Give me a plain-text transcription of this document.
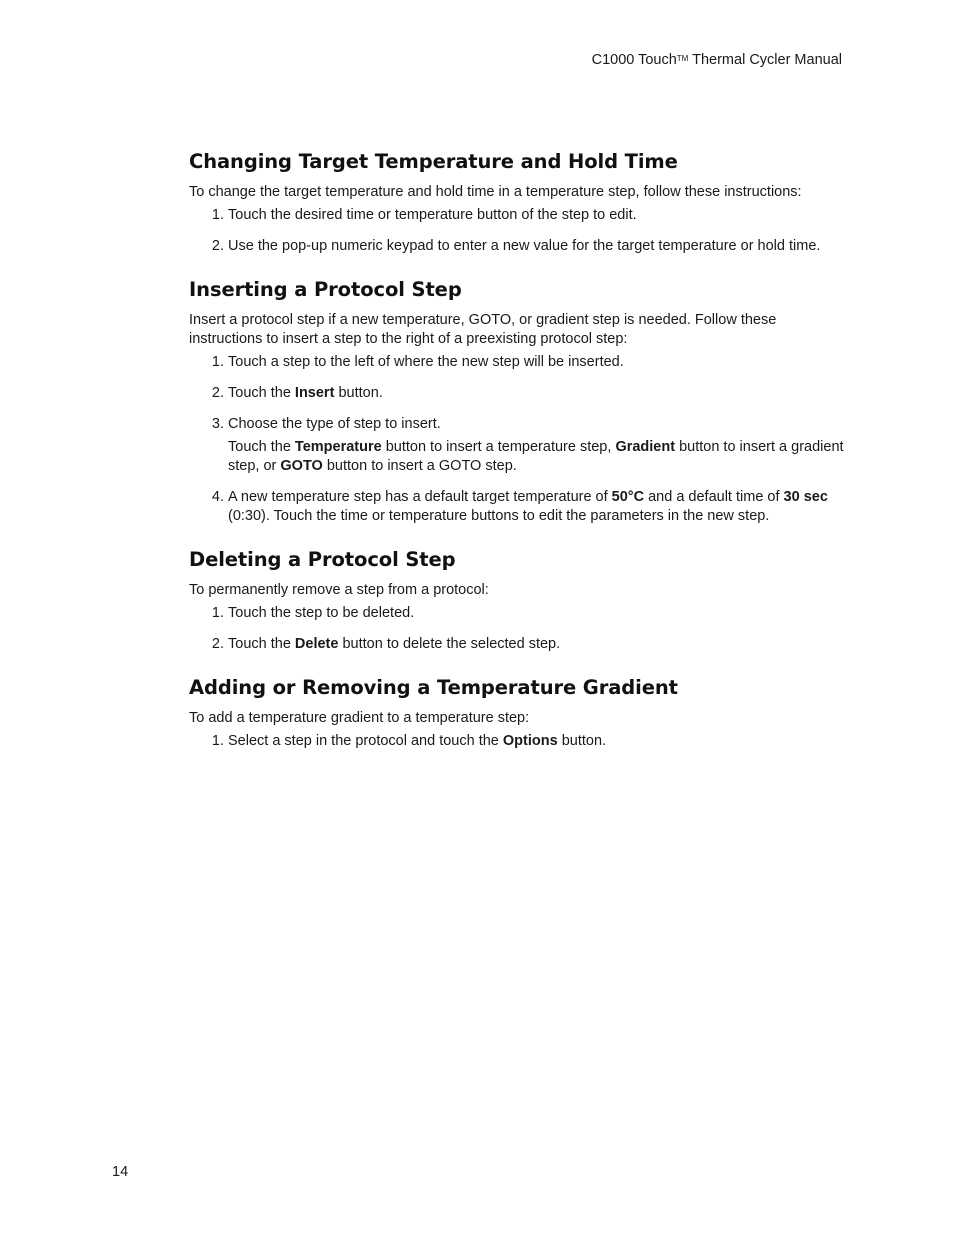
C1000 Touch™ Thermal Cycler Manual
Changing Target Temperature and Hold Time

To change the target temperature and hold time in a temperature step, follow these instructions:

1. Touch the desired time or temperature button of the step to edit.
2. Use the pop-up numeric keypad to enter a new value for the target temperature or hold time.
Inserting a Protocol Step

Insert a protocol step if a new temperature, GOTO, or gradient step is needed. Follow these instructions to insert a step to the right of a preexisting protocol step:

1. Touch a step to the left of where the new step will be inserted.
2. Touch the Insert button.
3. Choose the type of step to insert.
Touch the Temperature button to insert a temperature step, Gradient button to insert a gradient step, or GOTO button to insert a GOTO step.
4. A new temperature step has a default target temperature of 50°C and a default time of 30 sec (0:30). Touch the time or temperature buttons to edit the parameters in the new step.
Deleting a Protocol Step

To permanently remove a step from a protocol:

1. Touch the step to be deleted.
2. Touch the Delete button to delete the selected step.
Adding or Removing a Temperature Gradient

To add a temperature gradient to a temperature step:

1. Select a step in the protocol and touch the Options button.
14
